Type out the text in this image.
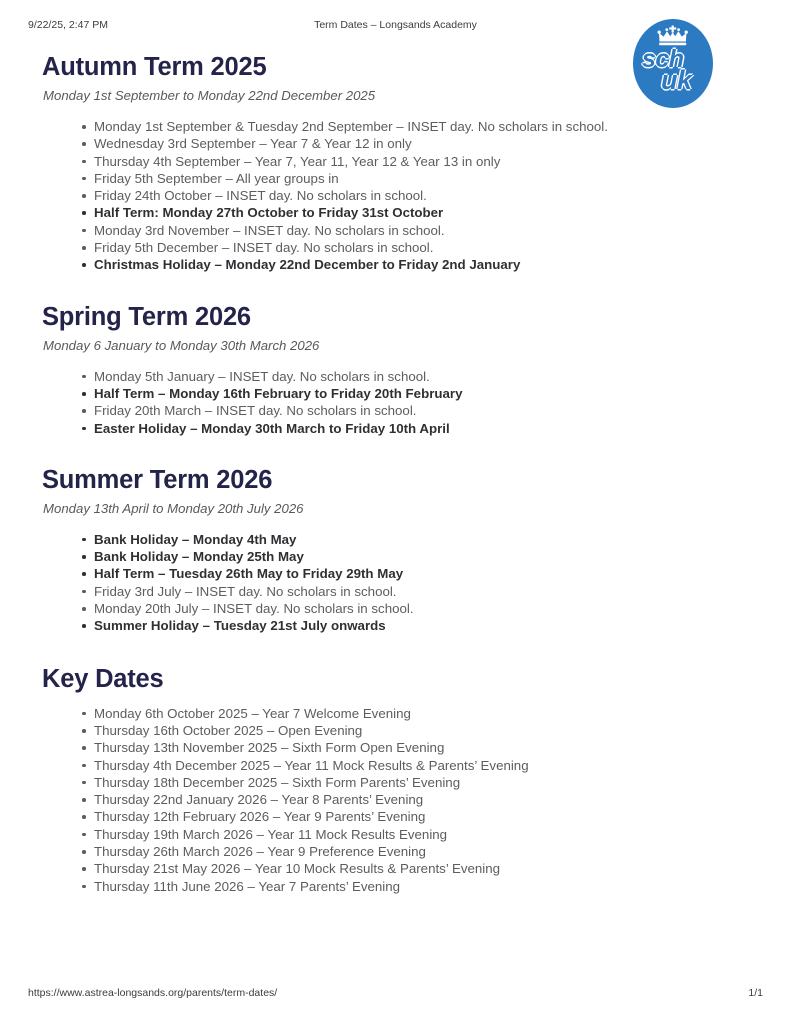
9/22/25, 2:47 PM	Term Dates – Longsands Academy
sch
uk
Autumn Term 2025
Monday 1st September to Monday 22nd December 2025
Monday 1st September & Tuesday 2nd September – INSET day. No scholars in school.
Wednesday 3rd September – Year 7 & Year 12 in only
Thursday 4th September – Year 7, Year 11, Year 12 & Year 13 in only
Friday 5th September – All year groups in
Friday 24th October – INSET day. No scholars in school.
Half Term: Monday 27th October to Friday 31st October
Monday 3rd November – INSET day. No scholars in school.
Friday 5th December – INSET day. No scholars in school.
Christmas Holiday – Monday 22nd December to Friday 2nd January
Spring Term 2026
Monday 6 January to Monday 30th March 2026
Monday 5th January – INSET day. No scholars in school.
Half Term – Monday 16th February to Friday 20th February
Friday 20th March – INSET day. No scholars in school.
Easter Holiday – Monday 30th March to Friday 10th April
Summer Term 2026
Monday 13th April to Monday 20th July 2026
Bank Holiday – Monday 4th May
Bank Holiday – Monday 25th May
Half Term – Tuesday 26th May to Friday 29th May
Friday 3rd July – INSET day. No scholars in school.
Monday 20th July – INSET day. No scholars in school.
Summer Holiday – Tuesday 21st July onwards
Key Dates
Monday 6th October 2025 – Year 7 Welcome Evening
Thursday 16th October 2025 – Open Evening
Thursday 13th November 2025 – Sixth Form Open Evening
Thursday 4th December 2025 – Year 11 Mock Results & Parents’ Evening
Thursday 18th December 2025 – Sixth Form Parents’ Evening
Thursday 22nd January 2026 – Year 8 Parents’ Evening
Thursday 12th February 2026 – Year 9 Parents’ Evening
Thursday 19th March 2026 – Year 11 Mock Results Evening
Thursday 26th March 2026 – Year 9 Preference Evening
Thursday 21st May 2026 – Year 10 Mock Results & Parents’ Evening
Thursday 11th June 2026 – Year 7 Parents’ Evening
https://www.astrea-longsands.org/parents/term-dates/	1/1
